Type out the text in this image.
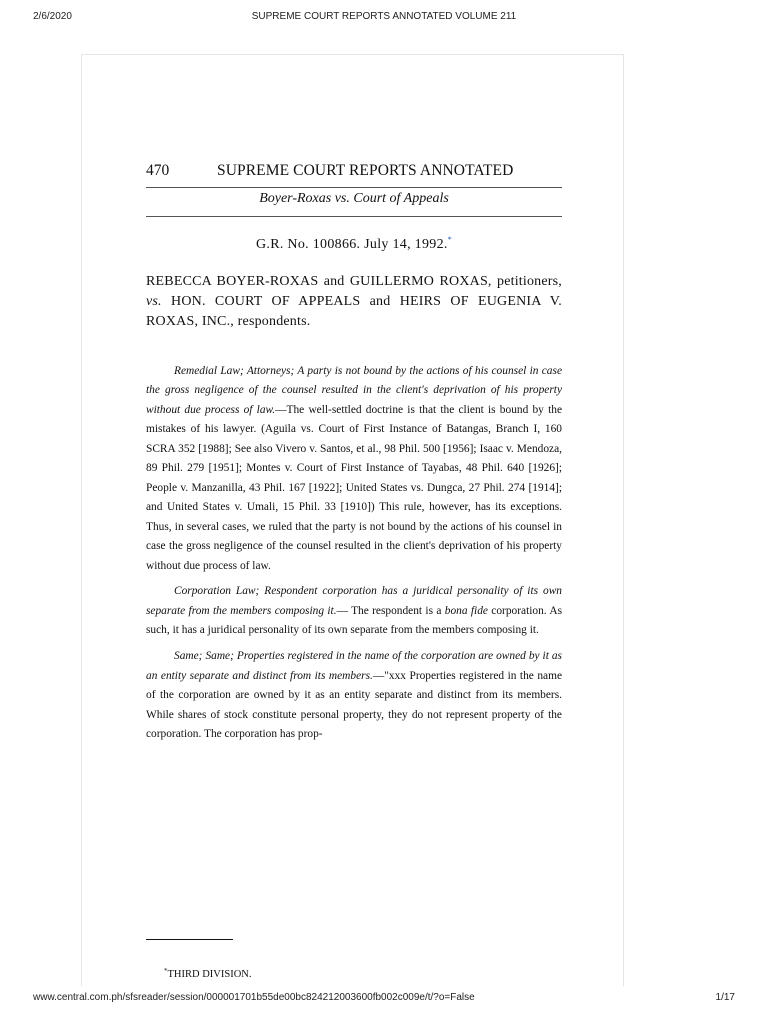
2/6/2020	SUPREME COURT REPORTS ANNOTATED VOLUME 211
470	SUPREME COURT REPORTS ANNOTATED
Boyer-Roxas vs. Court of Appeals
G.R. No. 100866. July 14, 1992.*
REBECCA BOYER-ROXAS and GUILLERMO ROXAS, petitioners, vs. HON. COURT OF APPEALS and HEIRS OF EUGENIA V. ROXAS, INC., respondents.

Remedial Law; Attorneys; A party is not bound by the actions of his counsel in case the gross negligence of the counsel resulted in the client's deprivation of his property without due process of law.—The well-settled doctrine is that the client is bound by the mistakes of his lawyer. (Aguila vs. Court of First Instance of Batangas, Branch I, 160 SCRA 352 [1988]; See also Vivero v. Santos, et al., 98 Phil. 500 [1956]; Isaac v. Mendoza, 89 Phil. 279 [1951]; Montes v. Court of First Instance of Tayabas, 48 Phil. 640 [1926]; People v. Manzanilla, 43 Phil. 167 [1922]; United States vs. Dungca, 27 Phil. 274 [1914]; and United States v. Umali, 15 Phil. 33 [1910]) This rule, however, has its exceptions. Thus, in several cases, we ruled that the party is not bound by the actions of his counsel in case the gross negligence of the counsel resulted in the client's deprivation of his property without due process of law.

Corporation Law; Respondent corporation has a juridical personality of its own separate from the members composing it.— The respondent is a bona fide corporation. As such, it has a juridical personality of its own separate from the members composing it.

Same; Same; Properties registered in the name of the corporation are owned by it as an entity separate and distinct from its members.—"xxx Properties registered in the name of the corporation are owned by it as an entity separate and distinct from its members. While shares of stock constitute personal property, they do not represent property of the corporation. The corporation has prop-

*THIRD DIVISION.
www.central.com.ph/sfsreader/session/000001701b55de00bc824212003600fb002c009e/t/?o=False	1/17
